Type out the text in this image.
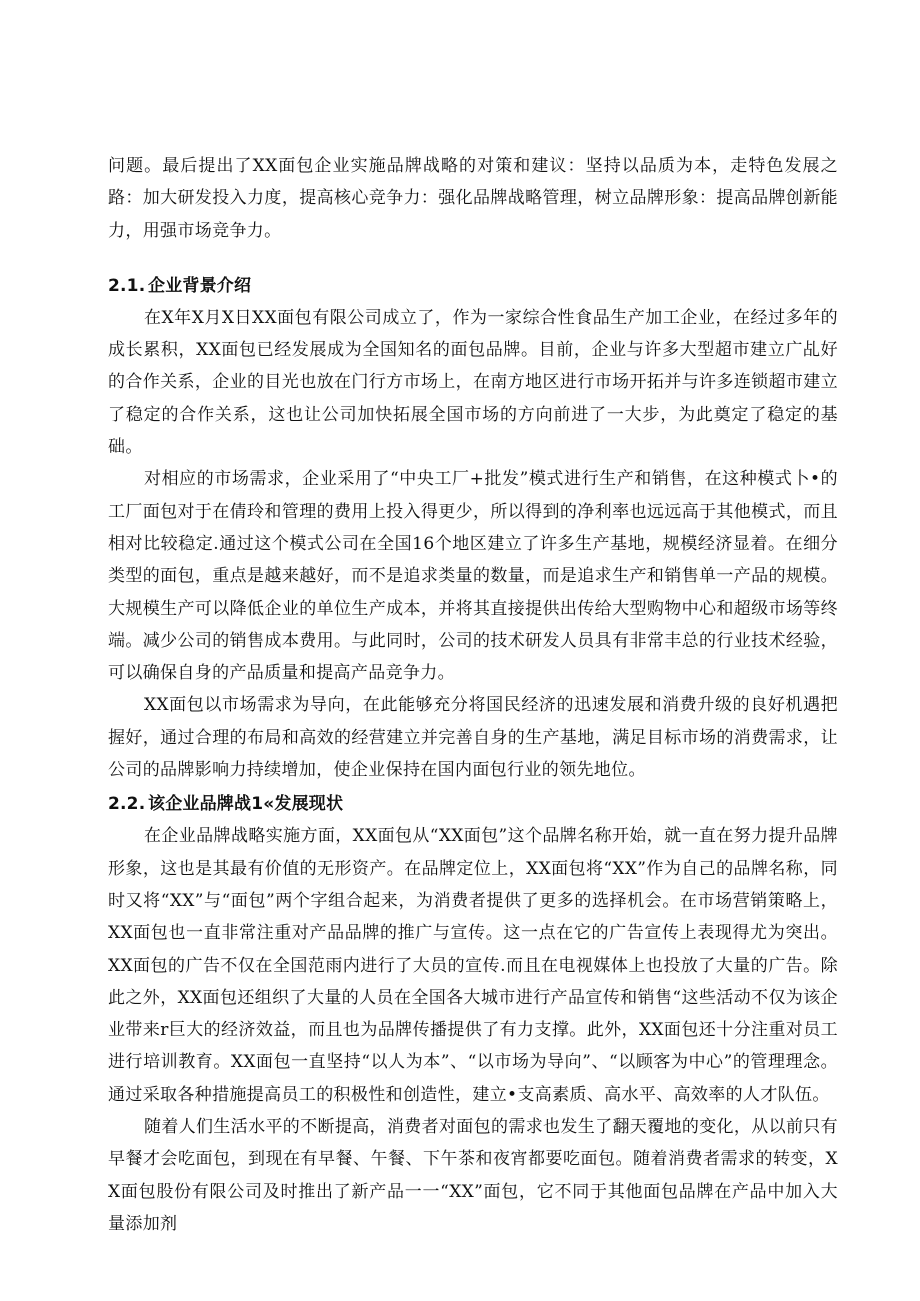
问题。最后提出了XX面包企业实施品牌战略的对策和建议：坚持以品质为本，走特色发展之路：加大研发投入力度，提高核心竞争力：强化品牌战略管理，树立品牌形象：提高品牌创新能力，用强市场竞争力。

2.1. 企业背景介绍

在X年X月X日XX面包有限公司成立了，作为一家综合性食品生产加工企业，在经过多年的成长累积，XX面包已经发展成为全国知名的面包品牌。目前，企业与许多大型超市建立广乩好的合作关系，企业的目光也放在门行方市场上，在南方地区进行市场开拓并与许多连锁超市建立了稳定的合作关系，这也让公司加快拓展全国市场的方向前进了一大步，为此奠定了稳定的基础。

对相应的市场需求，企业采用了“中央工厂+批发”模式进行生产和销售，在这种模式卜•的工厂面包对于在倩玲和管理的费用上投入得更少，所以得到的净利率也远远高于其他模式，而且相对比较稳定.通过这个模式公司在全国16个地区建立了许多生产基地，规模经济显着。在细分类型的面包，重点是越来越好，而不是追求类量的数量，而是追求生产和销售单一产品的规模。大规模生产可以降低企业的单位生产成本，并将其直接提供出传给大型购物中心和超级市场等终端。减少公司的销售成本费用。与此同时，公司的技术研发人员具有非常丰总的行业技术经验，可以确保自身的产品质量和提高产品竞争力。

XX面包以市场需求为导向，在此能够充分将国民经济的迅速发展和消费升级的良好机遇把握好，通过合理的布局和高效的经营建立并完善自身的生产基地，满足目标市场的消费需求，让公司的品牌影响力持续增加，使企业保持在国内面包行业的领先地位。

2.2. 该企业品牌战1«发展现状

在企业品牌战略实施方面，XX面包从“XX面包”这个品牌名称开始，就一直在努力提升品牌形象，这也是其最有价值的无形资产。在品牌定位上，XX面包将“XX”作为自己的品牌名称，同时又将“XX”与“面包”两个字组合起来，为消费者提供了更多的选择机会。在市场营销策略上，XX面包也一直非常注重对产品品牌的推广与宣传。这一点在它的广告宣传上表现得尤为突出。XX面包的广告不仅在全国范雨内进行了大员的宣传.而且在电视媒体上也投放了大量的广告。除此之外，XX面包还组织了大量的人员在全国各大城市进行产品宣传和销售“这些活动不仅为该企业带来r巨大的经济效益，而且也为品牌传播提供了有力支撑。此外，XX面包还十分注重对员工进行培训教育。XX面包一直坚持“以人为本”、“以市场为导向”、“以顾客为中心”的管理理念。通过采取各种措施提高员工的积极性和创造性，建立•支高素质、高水平、高效率的人才队伍。

随着人们生活水平的不断提高，消费者对面包的需求也发生了翻天覆地的变化，从以前只有早餐才会吃面包，到现在有早餐、午餐、下午茶和夜宵都要吃面包。随着消费者需求的转变，XX面包股份有限公司及时推出了新产品一一“XX”面包，它不同于其他面包品牌在产品中加入大量添加剂
